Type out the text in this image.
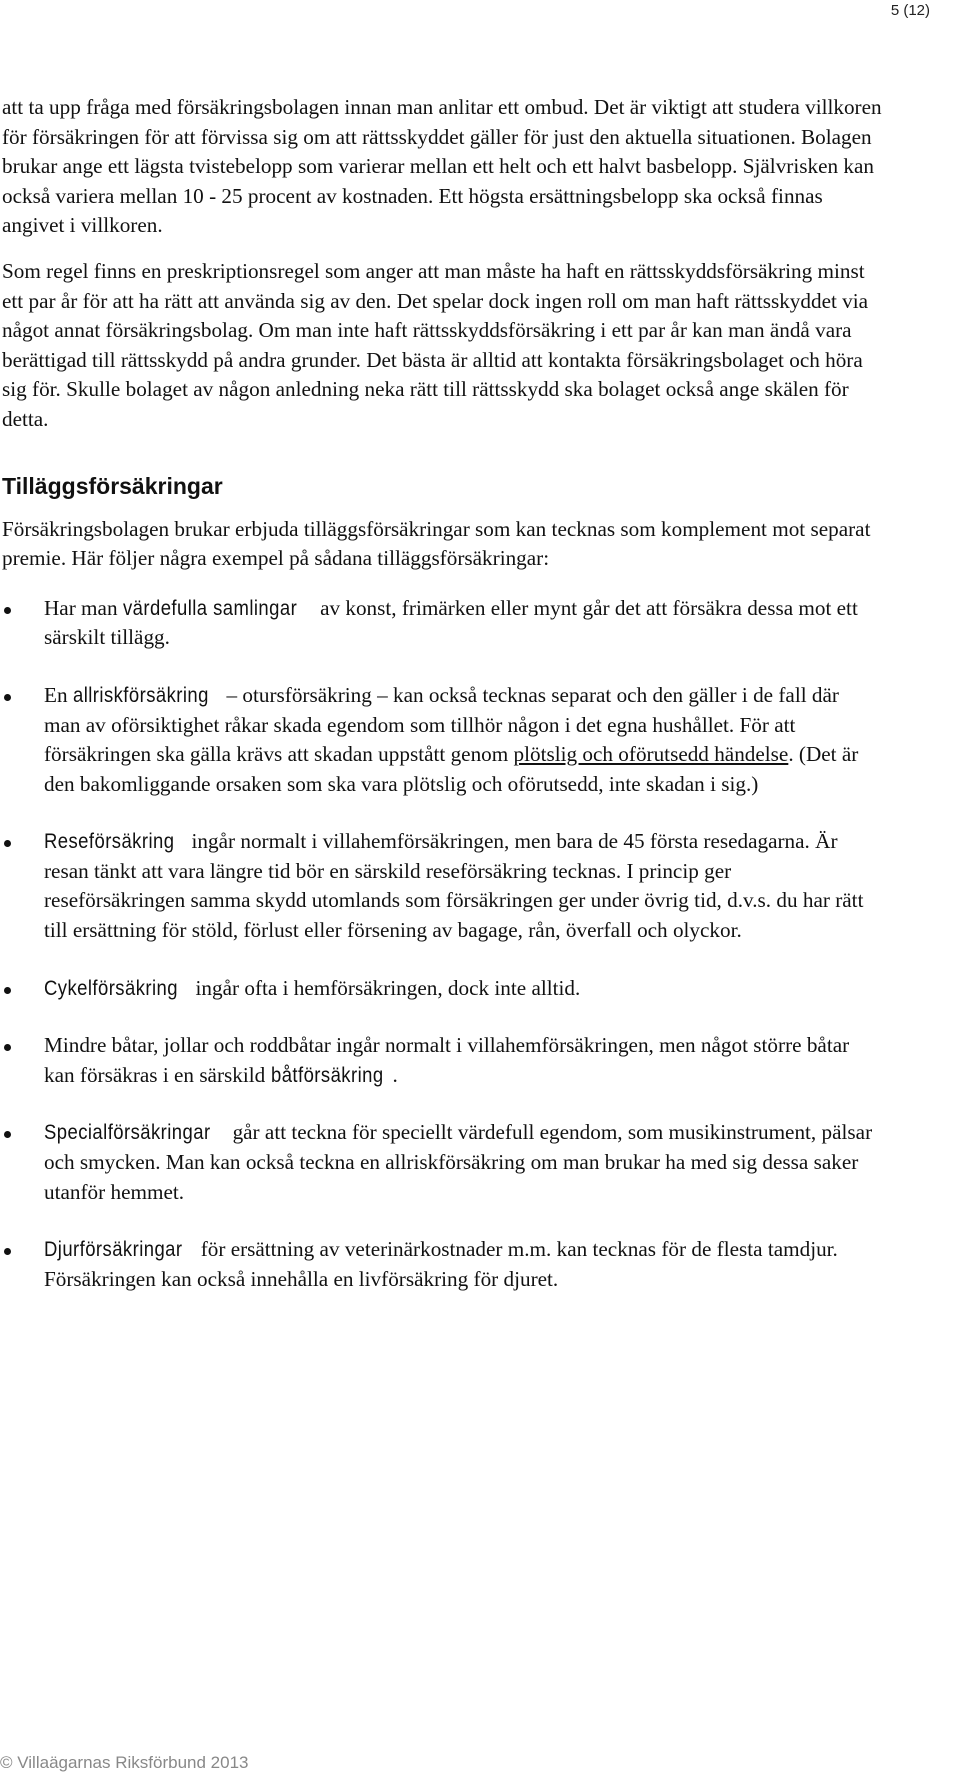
5 (12)

att ta upp fråga med försäkringsbolagen innan man anlitar ett ombud. Det är viktigt att studera villkoren för försäkringen för att förvissa sig om att rättsskyddet gäller för just den aktuella situationen. Bolagen brukar ange ett lägsta tvistebelopp som varierar mellan ett helt och ett halvt basbelopp. Självrisken kan också variera mellan 10 - 25 procent av kostnaden. Ett högsta ersättningsbelopp ska också finnas angivet i villkoren.

Som regel finns en preskriptionsregel som anger att man måste ha haft en rättsskyddsförsäkring minst ett par år för att ha rätt att använda sig av den. Det spelar dock ingen roll om man haft rättsskyddet via något annat försäkringsbolag. Om man inte haft rättsskyddsförsäkring i ett par år kan man ändå vara berättigad till rättsskydd på andra grunder. Det bästa är alltid att kontakta försäkringsbolaget och höra sig för. Skulle bolaget av någon anledning neka rätt till rättsskydd ska bolaget också ange skälen för detta.

Tilläggsförsäkringar

Försäkringsbolagen brukar erbjuda tilläggsförsäkringar som kan tecknas som komplement mot separat premie. Här följer några exempel på sådana tilläggsförsäkringar:

Har man värdefulla samlingar av konst, frimärken eller mynt går det att försäkra dessa mot ett särskilt tillägg.
En allriskförsäkring – otursförsäkring – kan också tecknas separat och den gäller i de fall där man av oförsiktighet råkar skada egendom som tillhör någon i det egna hushållet. För att försäkringen ska gälla krävs att skadan uppstått genom plötslig och oförutsedd händelse. (Det är den bakomliggande orsaken som ska vara plötslig och oförutsedd, inte skadan i sig.)
Reseförsäkring ingår normalt i villahemförsäkringen, men bara de 45 första resedagarna. Är resan tänkt att vara längre tid bör en särskild reseförsäkring tecknas. I princip ger reseförsäkringen samma skydd utomlands som försäkringen ger under övrig tid, d.v.s. du har rätt till ersättning för stöld, förlust eller försening av bagage, rån, överfall och olyckor.
Cykelförsäkring ingår ofta i hemförsäkringen, dock inte alltid.
Mindre båtar, jollar och roddbåtar ingår normalt i villahemförsäkringen, men något större båtar kan försäkras i en särskild båtförsäkring .
Specialförsäkringar går att teckna för speciellt värdefull egendom, som musikinstrument, pälsar och smycken. Man kan också teckna en allriskförsäkring om man brukar ha med sig dessa saker utanför hemmet.
Djurförsäkringar för ersättning av veterinärkostnader m.m. kan tecknas för de flesta tamdjur. Försäkringen kan också innehålla en livförsäkring för djuret.
© Villaägarnas Riksförbund 2013
